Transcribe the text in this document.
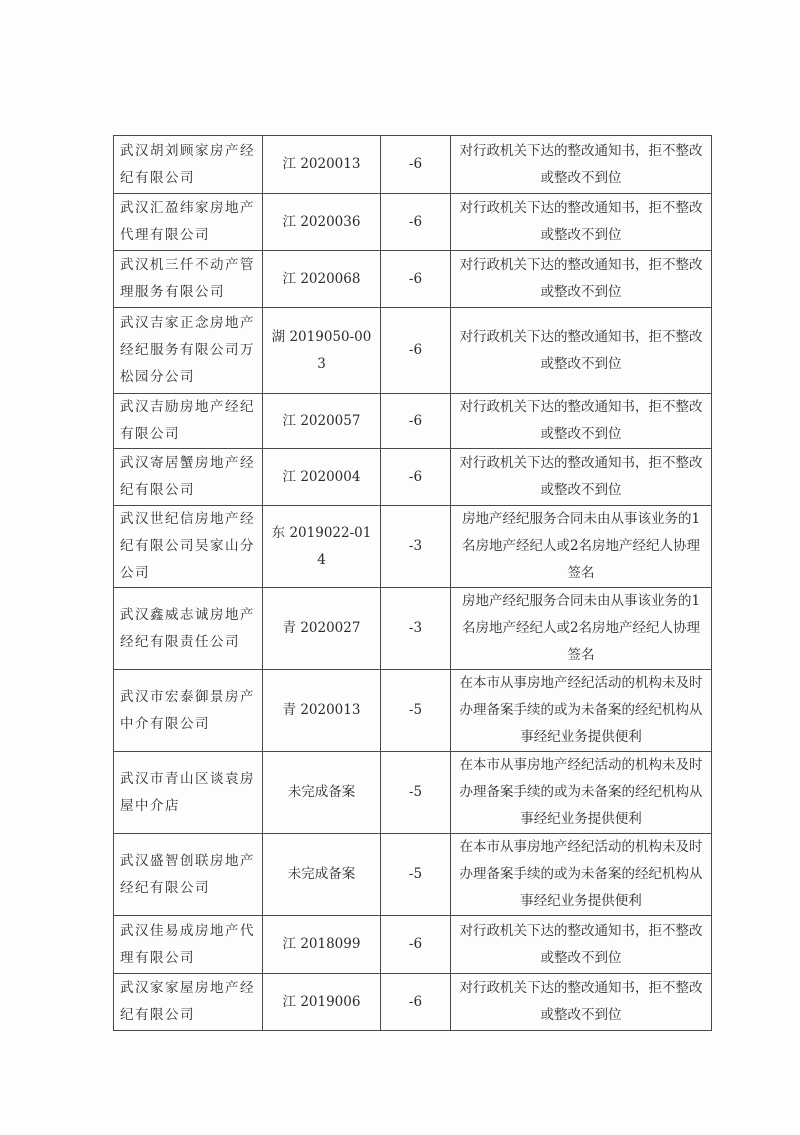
武汉胡刘顾家房产经纪有限公司	江 2020013	-6	对行政机关下达的整改通知书，拒不整改或整改不到位
武汉汇盈纬家房地产代理有限公司	江 2020036	-6	对行政机关下达的整改通知书，拒不整改或整改不到位
武汉机三仟不动产管理服务有限公司	江 2020068	-6	对行政机关下达的整改通知书，拒不整改或整改不到位
武汉吉家正念房地产经纪服务有限公司万松园分公司	湖 2019050-003	-6	对行政机关下达的整改通知书，拒不整改或整改不到位
武汉吉励房地产经纪有限公司	江 2020057	-6	对行政机关下达的整改通知书，拒不整改或整改不到位
武汉寄居蟹房地产经纪有限公司	江 2020004	-6	对行政机关下达的整改通知书，拒不整改或整改不到位
武汉世纪信房地产经纪有限公司吴家山分公司	东 2019022-014	-3	房地产经纪服务合同未由从事该业务的1名房地产经纪人或2名房地产经纪人协理签名
武汉鑫威志诚房地产经纪有限责任公司	青 2020027	-3	房地产经纪服务合同未由从事该业务的1名房地产经纪人或2名房地产经纪人协理签名
武汉市宏泰御景房产中介有限公司	青 2020013	-5	在本市从事房地产经纪活动的机构未及时办理备案手续的或为未备案的经纪机构从事经纪业务提供便利
武汉市青山区谈袁房屋中介店	未完成备案	-5	在本市从事房地产经纪活动的机构未及时办理备案手续的或为未备案的经纪机构从事经纪业务提供便利
武汉盛智创联房地产经纪有限公司	未完成备案	-5	在本市从事房地产经纪活动的机构未及时办理备案手续的或为未备案的经纪机构从事经纪业务提供便利
武汉佳易成房地产代理有限公司	江 2018099	-6	对行政机关下达的整改通知书，拒不整改或整改不到位
武汉家家屋房地产经纪有限公司	江 2019006	-6	对行政机关下达的整改通知书，拒不整改或整改不到位
